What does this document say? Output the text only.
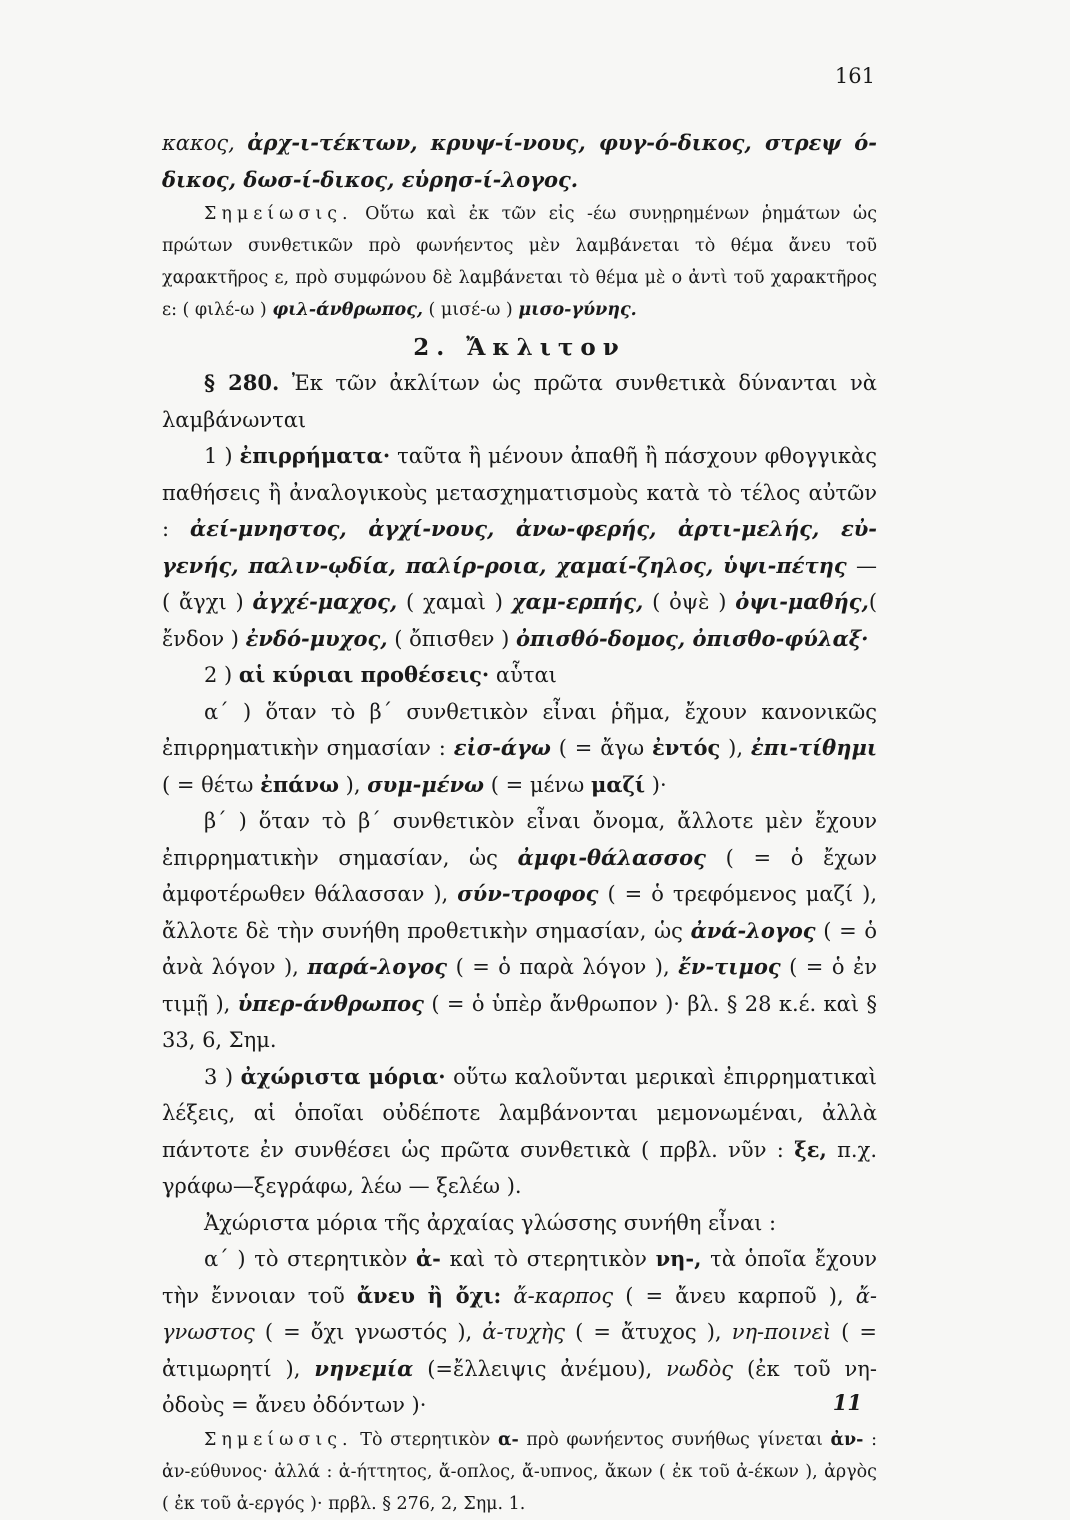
161

κακος, ἀρχ-ι-τέκτων, κρυψ-ί-νους, φυγ-ό-δικος, στρεψ ό-δικος, δωσ-ί-δικος, εὑρησ-ί-λογος.

Σημείωσις. Οὕτω καὶ ἐκ τῶν εἰς -έω συνῃρημένων ῥημάτων ὡς πρώτων συνθετικῶν πρὸ φωνήεντος μὲν λαμβάνεται τὸ θέμα ἄνευ τοῦ χαρακτῆρος ε, πρὸ συμφώνου δὲ λαμβάνεται τὸ θέμα μὲ ο ἀντὶ τοῦ χαρακτῆρος ε: ( φιλέ-ω ) φιλ-άνθρωπος, ( μισέ-ω ) μισο-γύνης.

2. Ἄκλιτον

§ 280. Ἐκ τῶν ἀκλίτων ὡς πρῶτα συνθετικὰ δύνανται νὰ λαμβάνωνται

1 ) ἐπιρρήματα· ταῦτα ἢ μένουν ἀπαθῆ ἢ πάσχουν φθογγικὰς παθήσεις ἢ ἀναλογικοὺς μετασχηματισμοὺς κατὰ τὸ τέλος αὐτῶν : ἀεί-μνηστος, ἀγχί-νους, ἀνω-φερής, ἀρτι-μελής, εὐ-γενής, παλιν-ῳδία, παλίρ-ροια, χαμαί-ζηλος, ὑψι-πέτης — ( ἄγχι ) ἀγχέ-μαχος, ( χαμαὶ ) χαμ-ερπής, ( ὀψὲ ) ὀψι-μαθής,( ἔνδον ) ἐνδό-μυχος, ( ὄπισθεν ) ὀπισθό-δομος, ὀπισθο-φύλαξ·

2 ) αἱ κύριαι προθέσεις· αὗται

α΄ ) ὅταν τὸ β΄ συνθετικὸν εἶναι ῥῆμα, ἔχουν κανονικῶς ἐπιρρηματικὴν σημασίαν : εἰσ-άγω ( = ἄγω ἐντός ), ἐπι-τίθημι ( = θέτω ἐπάνω ), συμ-μένω ( = μένω μαζί )·

β΄ ) ὅταν τὸ β΄ συνθετικὸν εἶναι ὄνομα, ἄλλοτε μὲν ἔχουν ἐπιρρηματικὴν σημασίαν, ὡς ἀμφι-θάλασσος ( = ὁ ἔχων ἀμφοτέρωθεν θάλασσαν ), σύν-τροφος ( = ὁ τρεφόμενος μαζί ), ἄλλοτε δὲ τὴν συνήθη προθετικὴν σημασίαν, ὡς ἀνά-λογος ( = ὁ ἀνὰ λόγον ), παρά-λογος ( = ὁ παρὰ λόγον ), ἔν-τιμος ( = ὁ ἐν τιμῇ ), ὑπερ-άνθρωπος ( = ὁ ὑπὲρ ἄνθρωπον )· βλ. § 28 κ.έ. καὶ § 33, 6, Σημ.

3 ) ἀχώριστα μόρια· οὕτω καλοῦνται μερικαὶ ἐπιρρηματικαὶ λέξεις, αἱ ὁποῖαι οὐδέποτε λαμβάνονται μεμονωμέναι, ἀλλὰ πάντοτε ἐν συνθέσει ὡς πρῶτα συνθετικὰ ( πρβλ. νῦν : ξε, π.χ. γράφω—ξεγράφω, λέω — ξελέω ).

Ἀχώριστα μόρια τῆς ἀρχαίας γλώσσης συνήθη εἶναι :

α΄ ) τὸ στερητικὸν ἀ- καὶ τὸ στερητικὸν νη-, τὰ ὁποῖα ἔχουν τὴν ἔννοιαν τοῦ ἄνευ ἢ ὄχι: ἄ-καρπος ( = ἄνευ καρποῦ ), ἄ-γνωστος ( = ὄχι γνωστός ), ἀ-τυχὴς ( = ἄτυχος ), νη-ποινεὶ ( = ἀτιμωρητί ), νηνεμία (=ἔλλειψις ἀνέμου), νωδὸς (ἐκ τοῦ νη-ὀδοὺς = ἄνευ ὀδόντων )·

Σημείωσις. Τὸ στερητικὸν α- πρὸ φωνήεντος συνήθως γίνεται ἀν- : ἀν-εύθυνος· ἀλλά : ἀ-ήττητος, ἄ-οπλος, ἄ-υπνος, ἄκων ( ἐκ τοῦ ἀ-έκων ), ἀργὸς ( ἐκ τοῦ ἀ-εργός )· πρβλ. § 276, 2, Σημ. 1.

11
